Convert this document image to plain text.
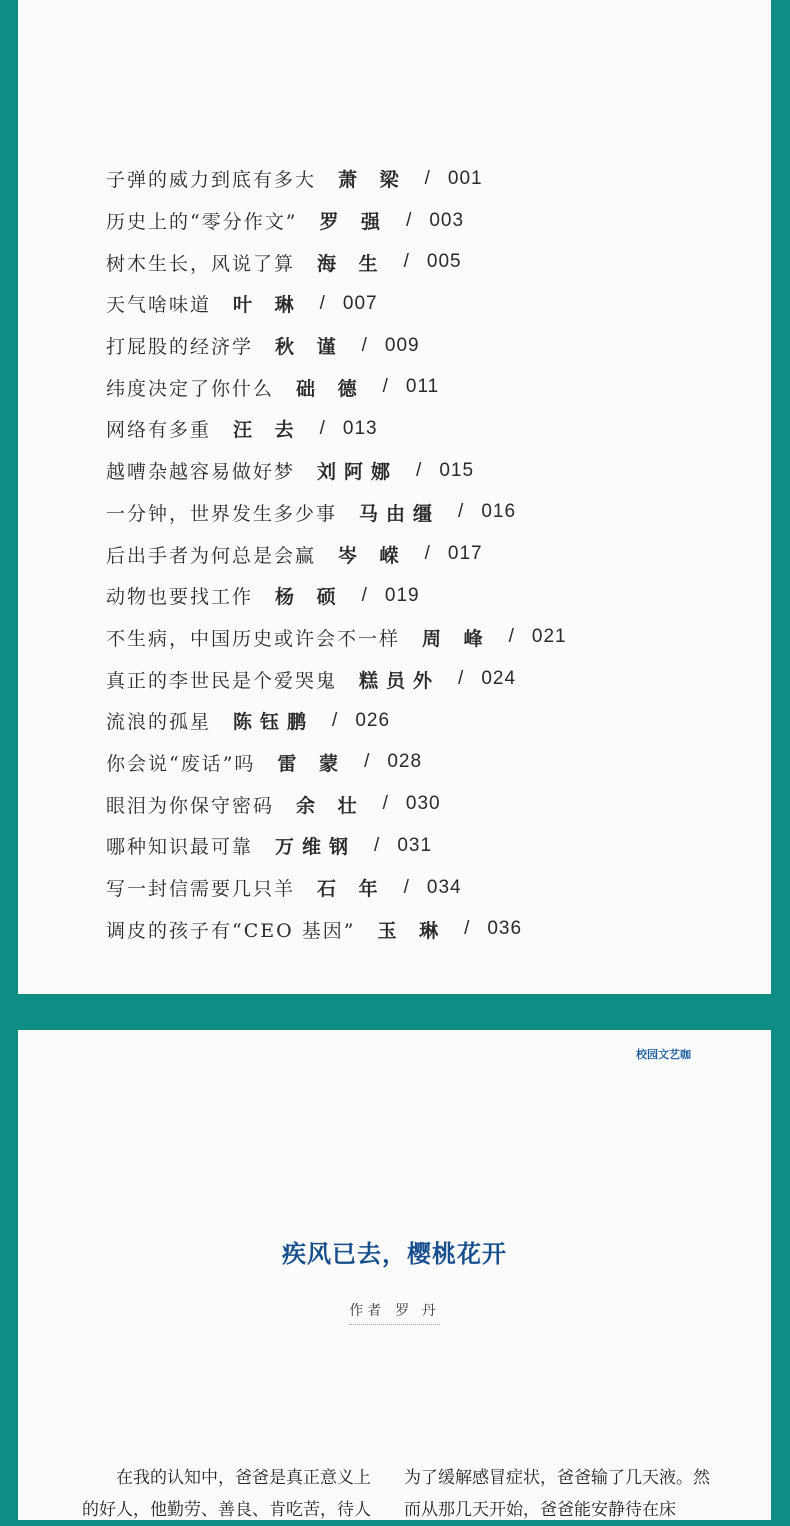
子弹的威力到底有多大 萧 梁 / 001
历史上的“零分作文” 罗 强 / 003
树木生长，风说了算 海 生 / 005
天气啥味道 叶 琳 / 007
打屁股的经济学 秋 谨 / 009
纬度决定了你什么 础 德 / 011
网络有多重 汪 去 / 013
越嘈杂越容易做好梦 刘阿娜 / 015
一分钟，世界发生多少事 马由缰 / 016
后出手者为何总是会赢 岑 嵘 / 017
动物也要找工作 杨 硕 / 019
不生病，中国历史或许会不一样 周 峰 / 021
真正的李世民是个爱哭鬼 糕员外 / 024
流浪的孤星 陈钰鹏 / 026
你会说“废话”吗 雷 蒙 / 028
眼泪为你保守密码 余 壮 / 030
哪种知识最可靠 万维钢 / 031
写一封信需要几只羊 石 年 / 034
调皮的孩子有“CEO 基因” 玉 琳 / 036
校园文艺咖
疾风已去，樱桃花开
作者 罗 丹

在我的认知中，爸爸是真正意义上的好人，他勤劳、善良、肯吃苦，待人

为了缓解感冒症状，爸爸输了几天液。然而从那几天开始，爸爸能安静待在床
